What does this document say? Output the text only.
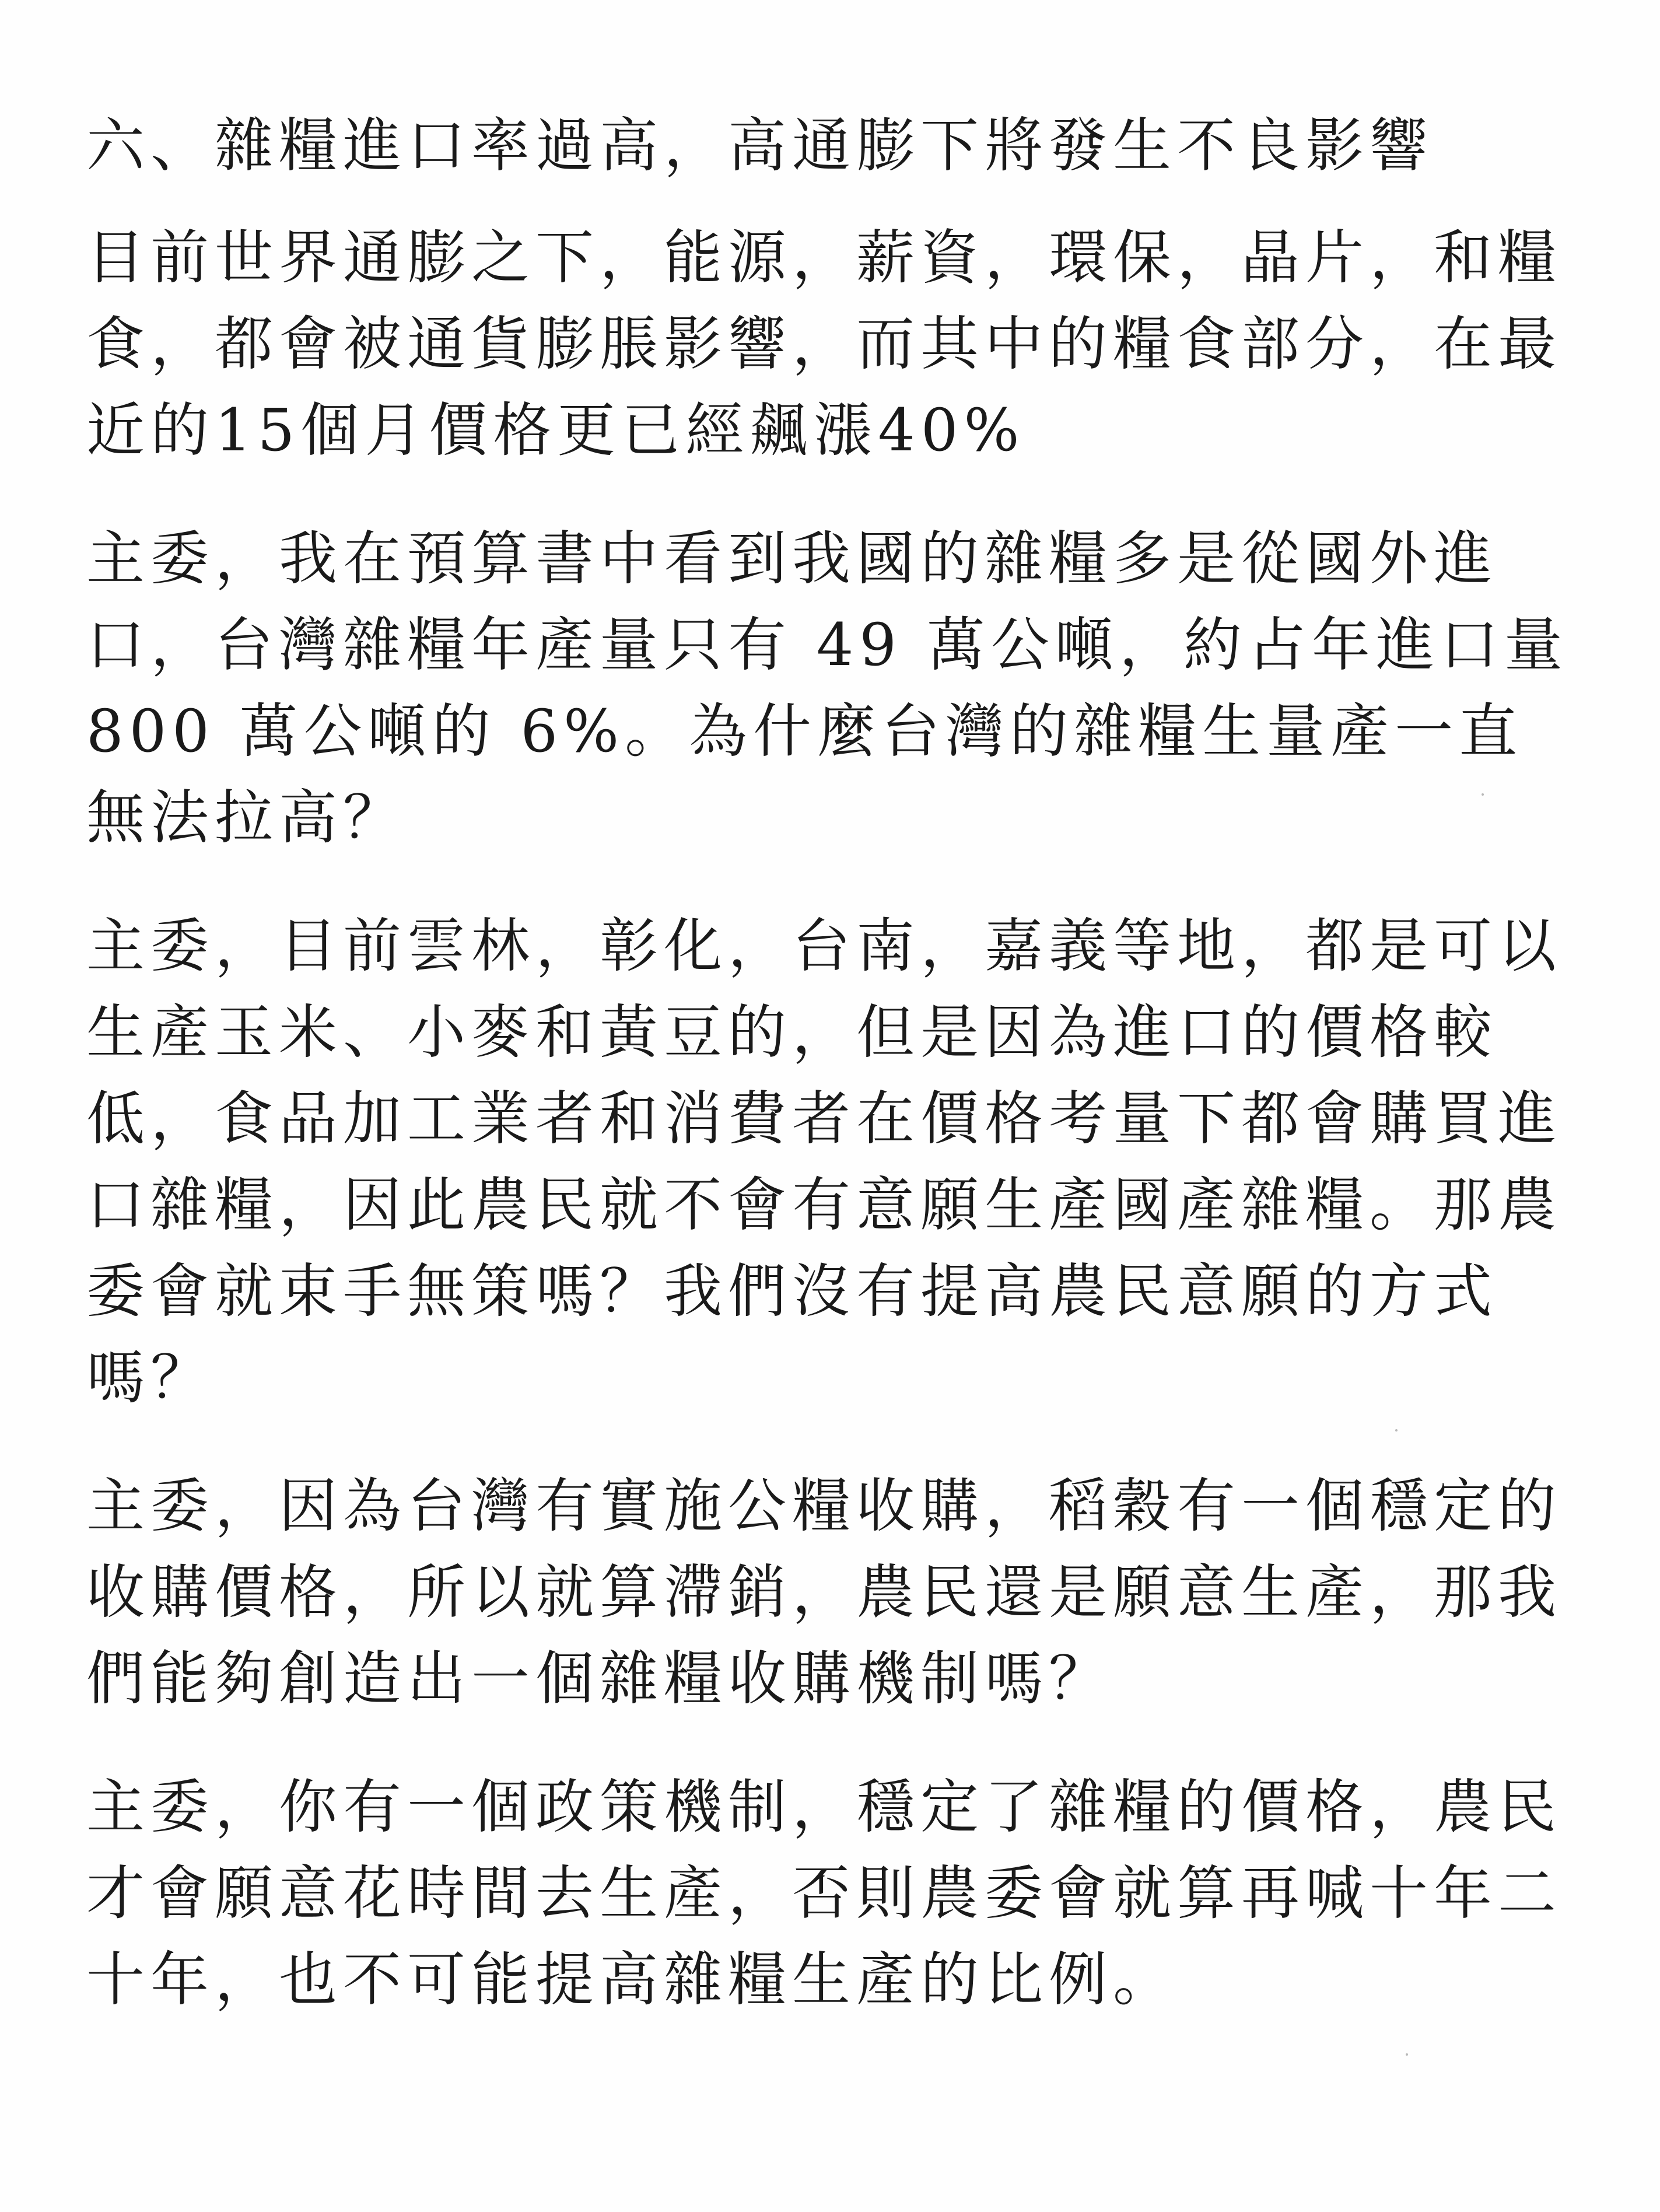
六、雜糧進口率過高，高通膨下將發生不良影響

目前世界通膨之下，能源，薪資，環保，晶片，和糧食，都會被通貨膨脹影響，而其中的糧食部分，在最近的15個月價格更已經飆漲40%

主委，我在預算書中看到我國的雜糧多是從國外進口，台灣雜糧年產量只有 49 萬公噸，約占年進口量 800 萬公噸的 6%。為什麼台灣的雜糧生量產一直無法拉高？

主委，目前雲林，彰化，台南，嘉義等地，都是可以生產玉米、小麥和黃豆的，但是因為進口的價格較低，食品加工業者和消費者在價格考量下都會購買進口雜糧，因此農民就不會有意願生產國產雜糧。那農委會就束手無策嗎？我們沒有提高農民意願的方式嗎？

主委，因為台灣有實施公糧收購，稻穀有一個穩定的收購價格，所以就算滯銷，農民還是願意生產，那我們能夠創造出一個雜糧收購機制嗎？

主委，你有一個政策機制，穩定了雜糧的價格，農民才會願意花時間去生產，否則農委會就算再喊十年二十年，也不可能提高雜糧生產的比例。
